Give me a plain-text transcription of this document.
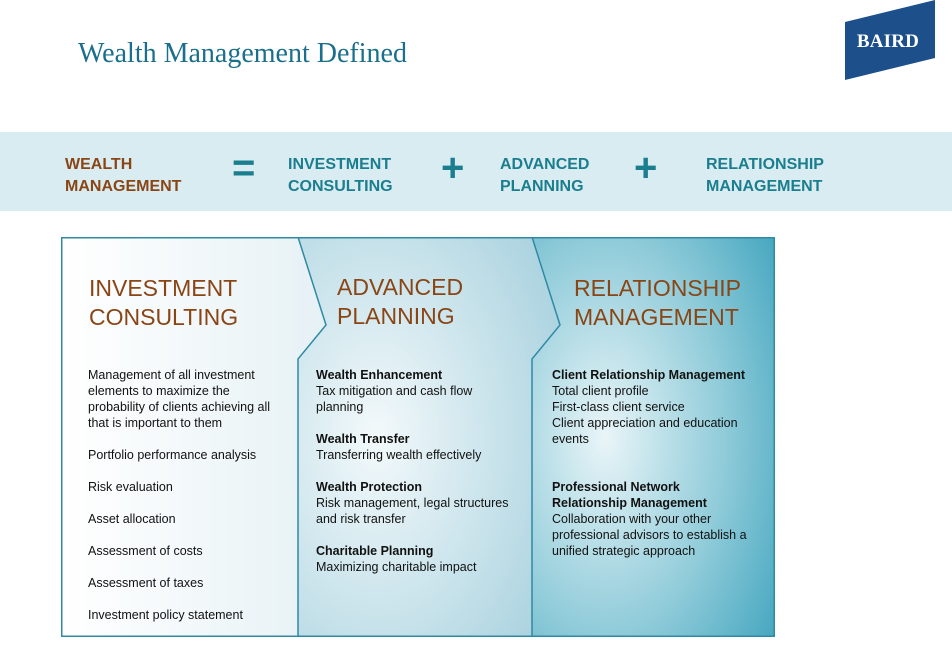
Wealth Management Defined	BAIRD
WEALTH
MANAGEMENT = INVESTMENT
CONSULTING + ADVANCED
PLANNING +	RELATIONSHIP
MANAGEMENT
INVESTMENT
CONSULTING
Management of all investment elements to maximize the probability of clients achieving all that is important to them
Portfolio performance analysis
Risk evaluation
Asset allocation
Assessment of costs
Assessment of taxes
Investment policy statement
ADVANCED
PLANNING

Wealth Enhancement

Tax mitigation and cash flow planning

Wealth Transfer

Transferring wealth effectively

Wealth Protection

Risk management, legal structures and risk transfer

Charitable Planning

Maximizing charitable impact

RELATIONSHIP
MANAGEMENT

Client Relationship Management

Total client profile
First-class client service
Client appreciation and education events

Professional Network Relationship Management

Collaboration with your other professional advisors to establish a unified strategic approach
